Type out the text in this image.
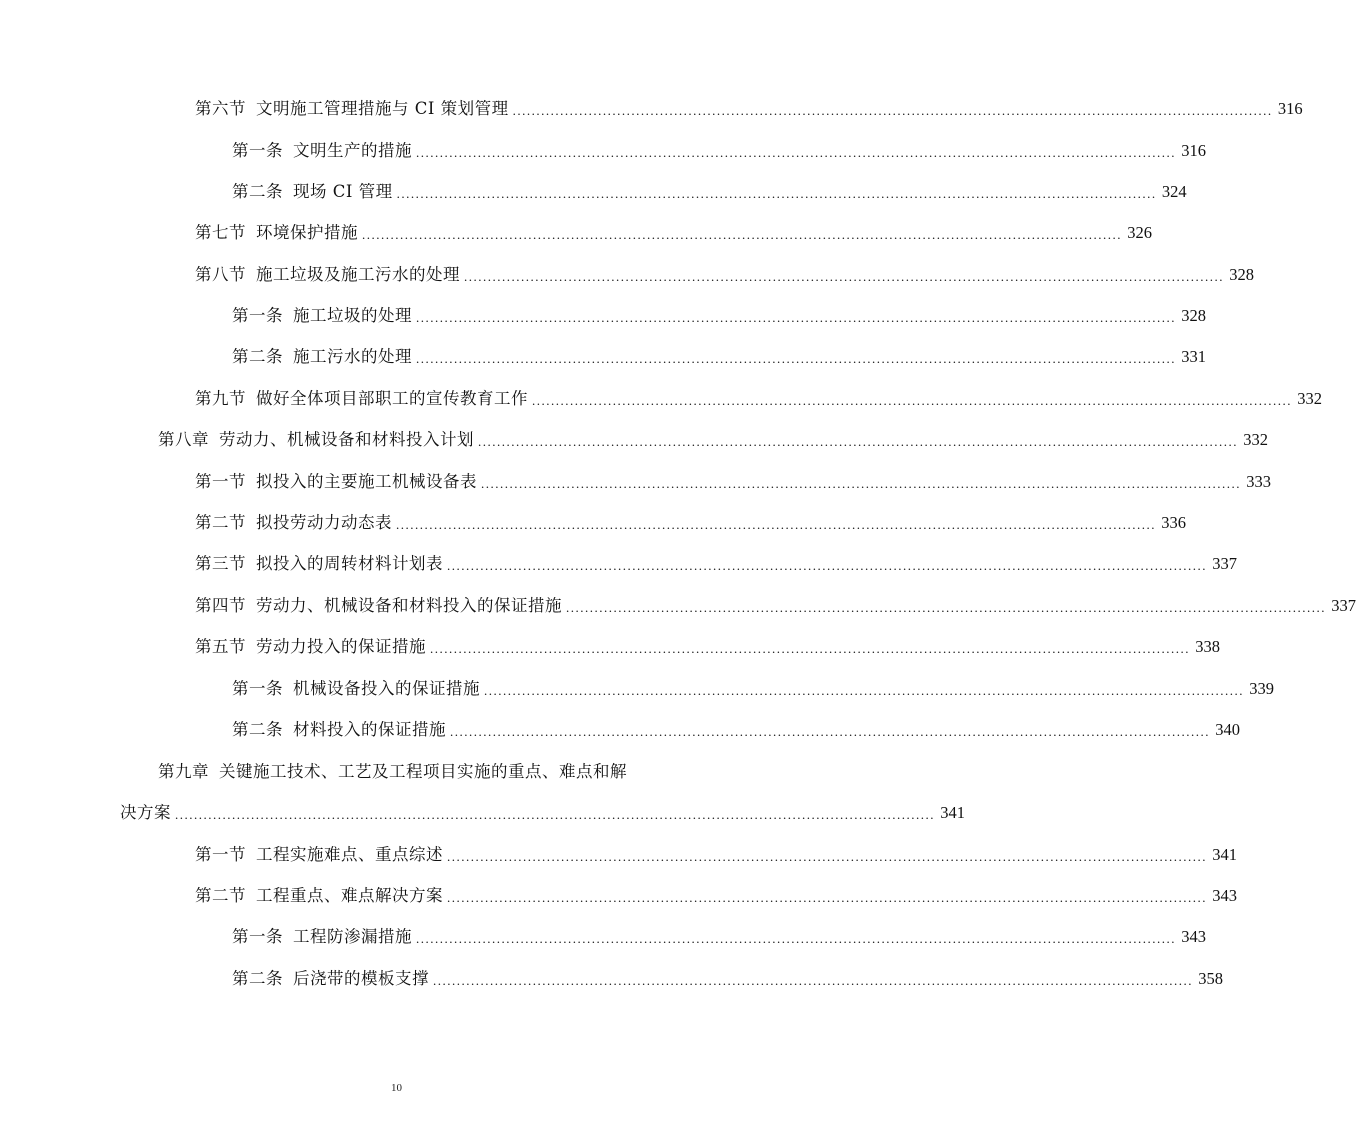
第六节 文明施工管理措施与 CI 策划管理 ................................................................................................................................................................ 316
第一条 文明生产的措施 ................................................................................................................................................................ 316
第二条 现场 CI 管理 ................................................................................................................................................................ 324
第七节 环境保护措施 ................................................................................................................................................................ 326
第八节 施工垃圾及施工污水的处理 ................................................................................................................................................................ 328
第一条 施工垃圾的处理 ................................................................................................................................................................ 328
第二条 施工污水的处理 ................................................................................................................................................................ 331
第九节 做好全体项目部职工的宣传教育工作 ................................................................................................................................................................ 332
第八章 劳动力、机械设备和材料投入计划 ................................................................................................................................................................ 332
第一节 拟投入的主要施工机械设备表 ................................................................................................................................................................ 333
第二节 拟投劳动力动态表 ................................................................................................................................................................ 336
第三节 拟投入的周转材料计划表 ................................................................................................................................................................ 337
第四节 劳动力、机械设备和材料投入的保证措施 ................................................................................................................................................................ 337
第五节 劳动力投入的保证措施 ................................................................................................................................................................ 338
第一条 机械设备投入的保证措施 ................................................................................................................................................................ 339
第二条 材料投入的保证措施 ................................................................................................................................................................ 340
第九章 关键施工技术、工艺及工程项目实施的重点、难点和解
决方案 ................................................................................................................................................................ 341
第一节 工程实施难点、重点综述 ................................................................................................................................................................ 341
第二节 工程重点、难点解决方案 ................................................................................................................................................................ 343
第一条 工程防渗漏措施 ................................................................................................................................................................ 343
第二条 后浇带的模板支撑 ................................................................................................................................................................ 358
10
